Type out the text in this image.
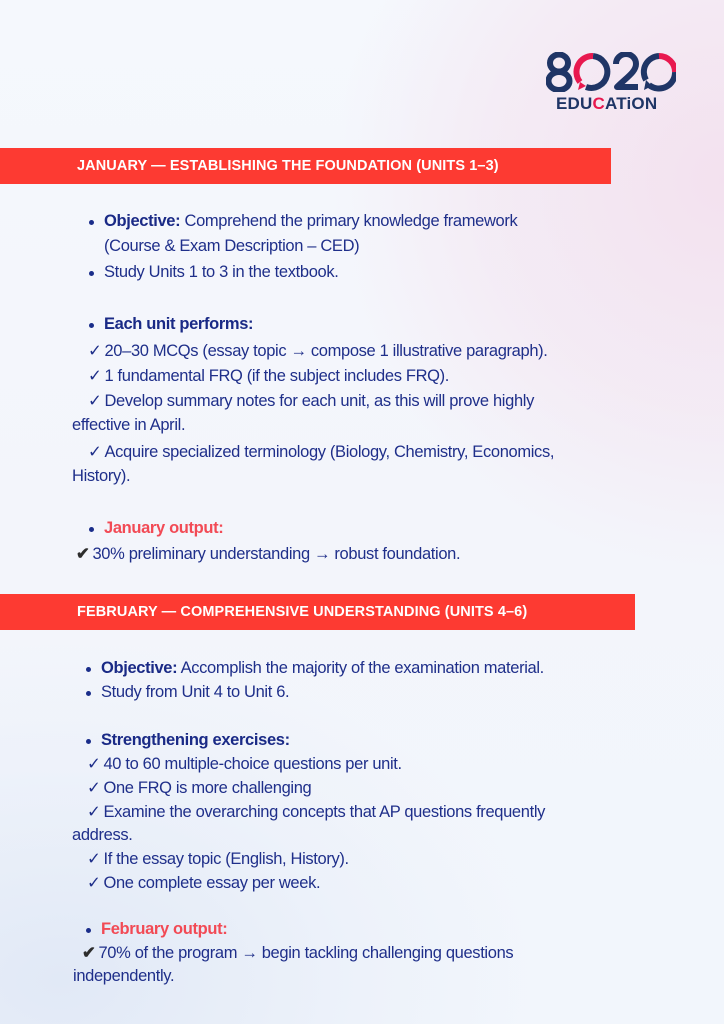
EDUCATiON
JANUARY — ESTABLISHING THE FOUNDATION (UNITS 1–3)
Objective: Comprehend the primary knowledge framework
(Course & Exam Description – CED)
Study Units 1 to 3 in the textbook.
Each unit performs:
✓ 20–30 MCQs (essay topic → compose 1 illustrative paragraph).
✓ 1 fundamental FRQ (if the subject includes FRQ).
✓ Develop summary notes for each unit, as this will prove highly
effective in April.
✓ Acquire specialized terminology (Biology, Chemistry, Economics,
History).
January output:
✔ 30% preliminary understanding → robust foundation.
FEBRUARY — COMPREHENSIVE UNDERSTANDING (UNITS 4–6)
Objective: Accomplish the majority of the examination material.
Study from Unit 4 to Unit 6.
Strengthening exercises:
✓ 40 to 60 multiple-choice questions per unit.
✓ One FRQ is more challenging
✓ Examine the overarching concepts that AP questions frequently
address.
✓ If the essay topic (English, History).
✓ One complete essay per week.
February output:
✔ 70% of the program → begin tackling challenging questions
independently.
